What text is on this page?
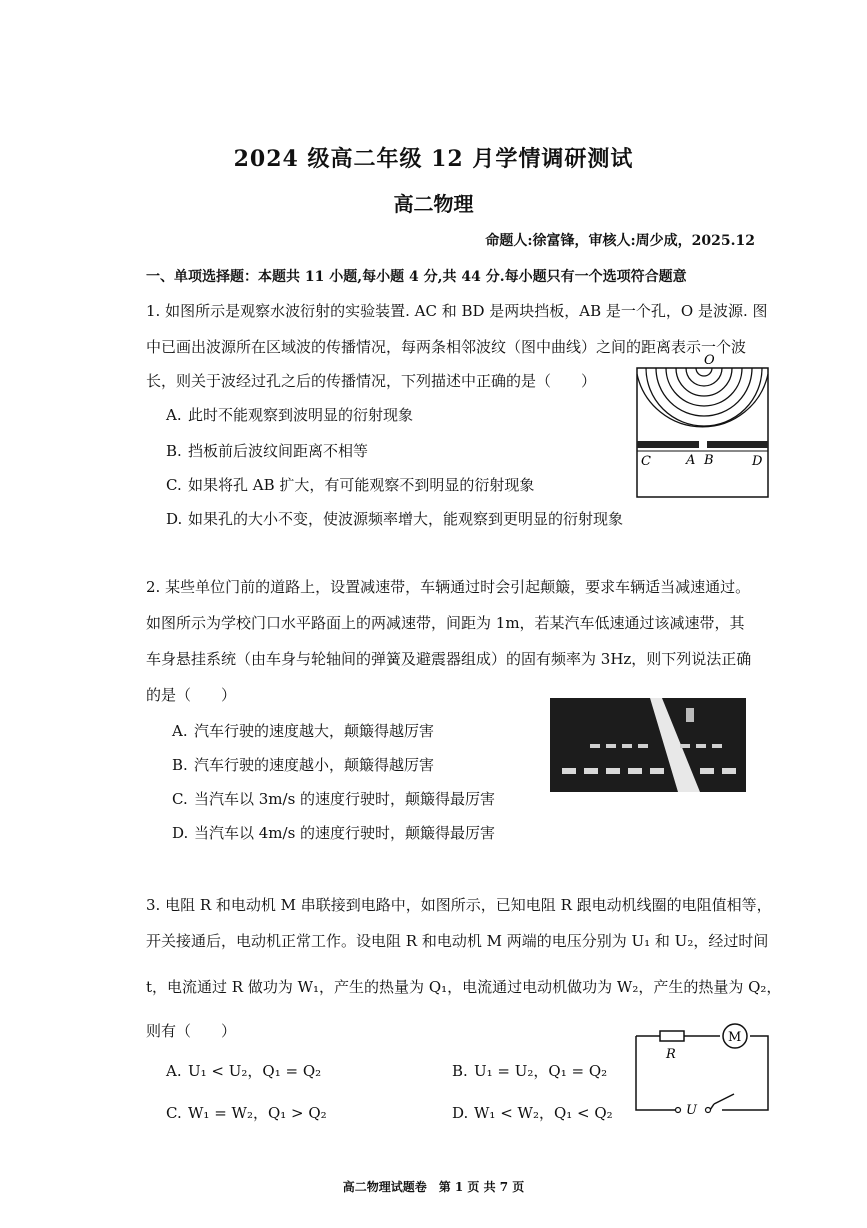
2024 级高二年级 12 月学情调研测试
高二物理
命题人:徐富锋，审核人:周少成，2025.12
一、单项选择题：本题共 11 小题,每小题 4 分,共 44 分.每小题只有一个选项符合题意
1. 如图所示是观察水波衍射的实验装置. AC 和 BD 是两块挡板，AB 是一个孔，O 是波源. 图
中已画出波源所在区域波的传播情况，每两条相邻波纹（图中曲线）之间的距离表示一个波
长，则关于波经过孔之后的传播情况，下列描述中正确的是（　　）
A. 此时不能观察到波明显的衍射现象
B. 挡板前后波纹间距离不相等
C. 如果将孔 AB 扩大，有可能观察不到明显的衍射现象
D. 如果孔的大小不变，使波源频率增大，能观察到更明显的衍射现象
O
C	A B	D
2. 某些单位门前的道路上，设置减速带，车辆通过时会引起颠簸，要求车辆适当减速通过。
如图所示为学校门口水平路面上的两减速带，间距为 1m，若某汽车低速通过该减速带，其
车身悬挂系统（由车身与轮轴间的弹簧及避震器组成）的固有频率为 3Hz，则下列说法正确
的是（　　）
A. 汽车行驶的速度越大，颠簸得越厉害
B. 汽车行驶的速度越小，颠簸得越厉害
C. 当汽车以 3m/s 的速度行驶时，颠簸得最厉害
D. 当汽车以 4m/s 的速度行驶时，颠簸得最厉害
3. 电阻 R 和电动机 M 串联接到电路中，如图所示，已知电阻 R 跟电动机线圈的电阻值相等，
开关接通后，电动机正常工作。设电阻 R 和电动机 M 两端的电压分别为 U₁ 和 U₂，经过时间
t，电流通过 R 做功为 W₁，产生的热量为 Q₁，电流通过电动机做功为 W₂，产生的热量为 Q₂，
则有（　　）
A. U₁ < U₂，Q₁ = Q₂	B. U₁ = U₂，Q₁ = Q₂
C. W₁ = W₂，Q₁ > Q₂	D. W₁ < W₂，Q₁ < Q₂
M
R
U
高二物理试题卷　第 1 页 共 7 页
